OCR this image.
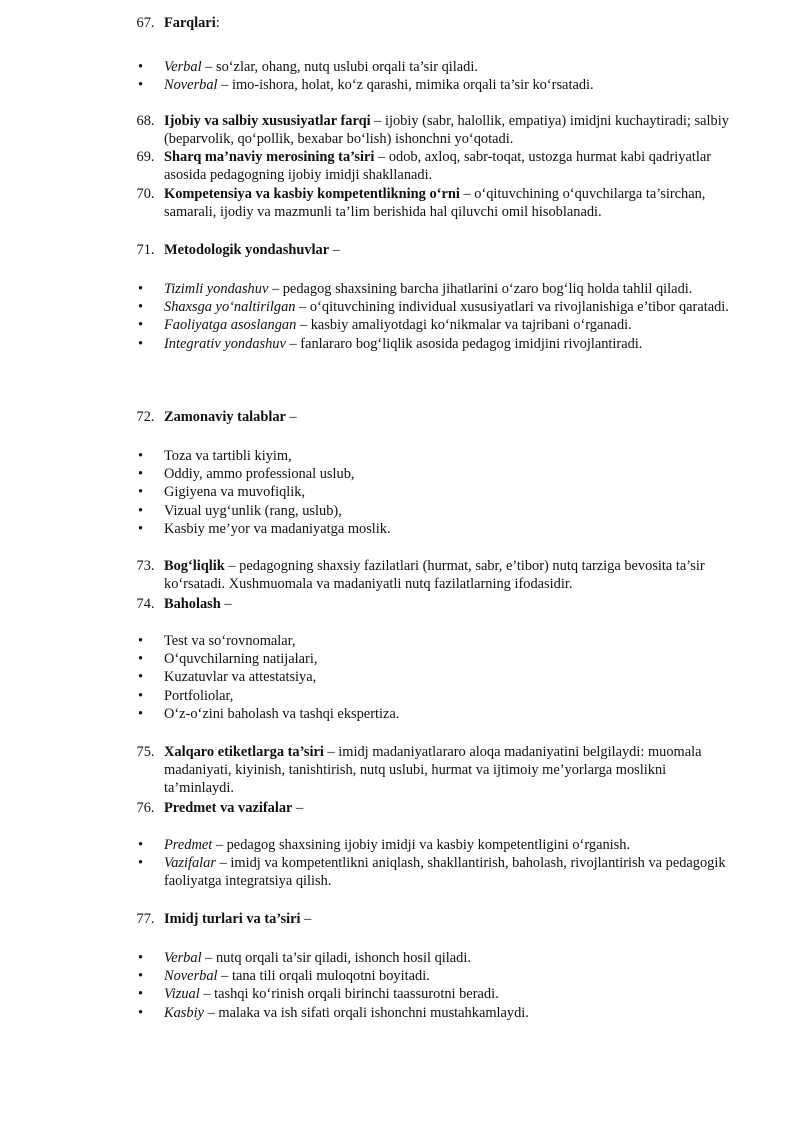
67. Farqlari:
• Verbal – so‘zlar, ohang, nutq uslubi orqali ta’sir qiladi.
• Noverbal – imo-ishora, holat, ko‘z qarashi, mimika orqali ta’sir ko‘rsatadi.
68. Ijobiy va salbiy xususiyatlar farqi – ijobiy (sabr, halollik, empatiya) imidjni kuchaytiradi; salbiy (beparvolik, qo‘pollik, bexabar bo‘lish) ishonchni yo‘qotadi.
69. Sharq ma’naviy merosining ta’siri – odob, axloq, sabr-toqat, ustozga hurmat kabi qadriyatlar asosida pedagogning ijobiy imidji shakllanadi.
70. Kompetensiya va kasbiy kompetentlikning o‘rni – o‘qituvchining o‘quvchilarga ta’sirchan, samarali, ijodiy va mazmunli ta’lim berishida hal qiluvchi omil hisoblanadi.
71. Metodologik yondashuvlar –
• Tizimli yondashuv – pedagog shaxsining barcha jihatlarini o‘zaro bog‘liq holda tahlil qiladi.
• Shaxsga yo‘naltirilgan – o‘qituvchining individual xususiyatlari va rivojlanishiga e’tibor qaratadi.
• Faoliyatga asoslangan – kasbiy amaliyotdagi ko‘nikmalar va tajribani o‘rganadi.
• Integrativ yondashuv – fanlararo bog‘liqlik asosida pedagog imidjini rivojlantiradi.
72. Zamonaviy talablar –
• Toza va tartibli kiyim,
• Oddiy, ammo professional uslub,
• Gigiyena va muvofiqlik,
• Vizual uyg‘unlik (rang, uslub),
• Kasbiy me’yor va madaniyatga moslik.
73. Bog‘liqlik – pedagogning shaxsiy fazilatlari (hurmat, sabr, e’tibor) nutq tarziga bevosita ta’sir ko‘rsatadi. Xushmuomala va madaniyatli nutq fazilatlarning ifodasidir.
74. Baholash –
• Test va so‘rovnomalar,
• O‘quvchilarning natijalari,
• Kuzatuvlar va attestatsiya,
• Portfoliolar,
• O‘z-o‘zini baholash va tashqi ekspertiza.
75. Xalqaro etiketlarga ta’siri – imidj madaniyatlararo aloqa madaniyatini belgilaydi: muomala madaniyati, kiyinish, tanishtirish, nutq uslubi, hurmat va ijtimoiy me’yorlarga moslikni ta’minlaydi.
76. Predmet va vazifalar –
• Predmet – pedagog shaxsining ijobiy imidji va kasbiy kompetentligini o‘rganish.
• Vazifalar – imidj va kompetentlikni aniqlash, shakllantirish, baholash, rivojlantirish va pedagogik faoliyatga integratsiya qilish.
77. Imidj turlari va ta’siri –
• Verbal – nutq orqali ta’sir qiladi, ishonch hosil qiladi.
• Noverbal – tana tili orqali muloqotni boyitadi.
• Vizual – tashqi ko‘rinish orqali birinchi taassurotni beradi.
• Kasbiy – malaka va ish sifati orqali ishonchni mustahkamlaydi.
